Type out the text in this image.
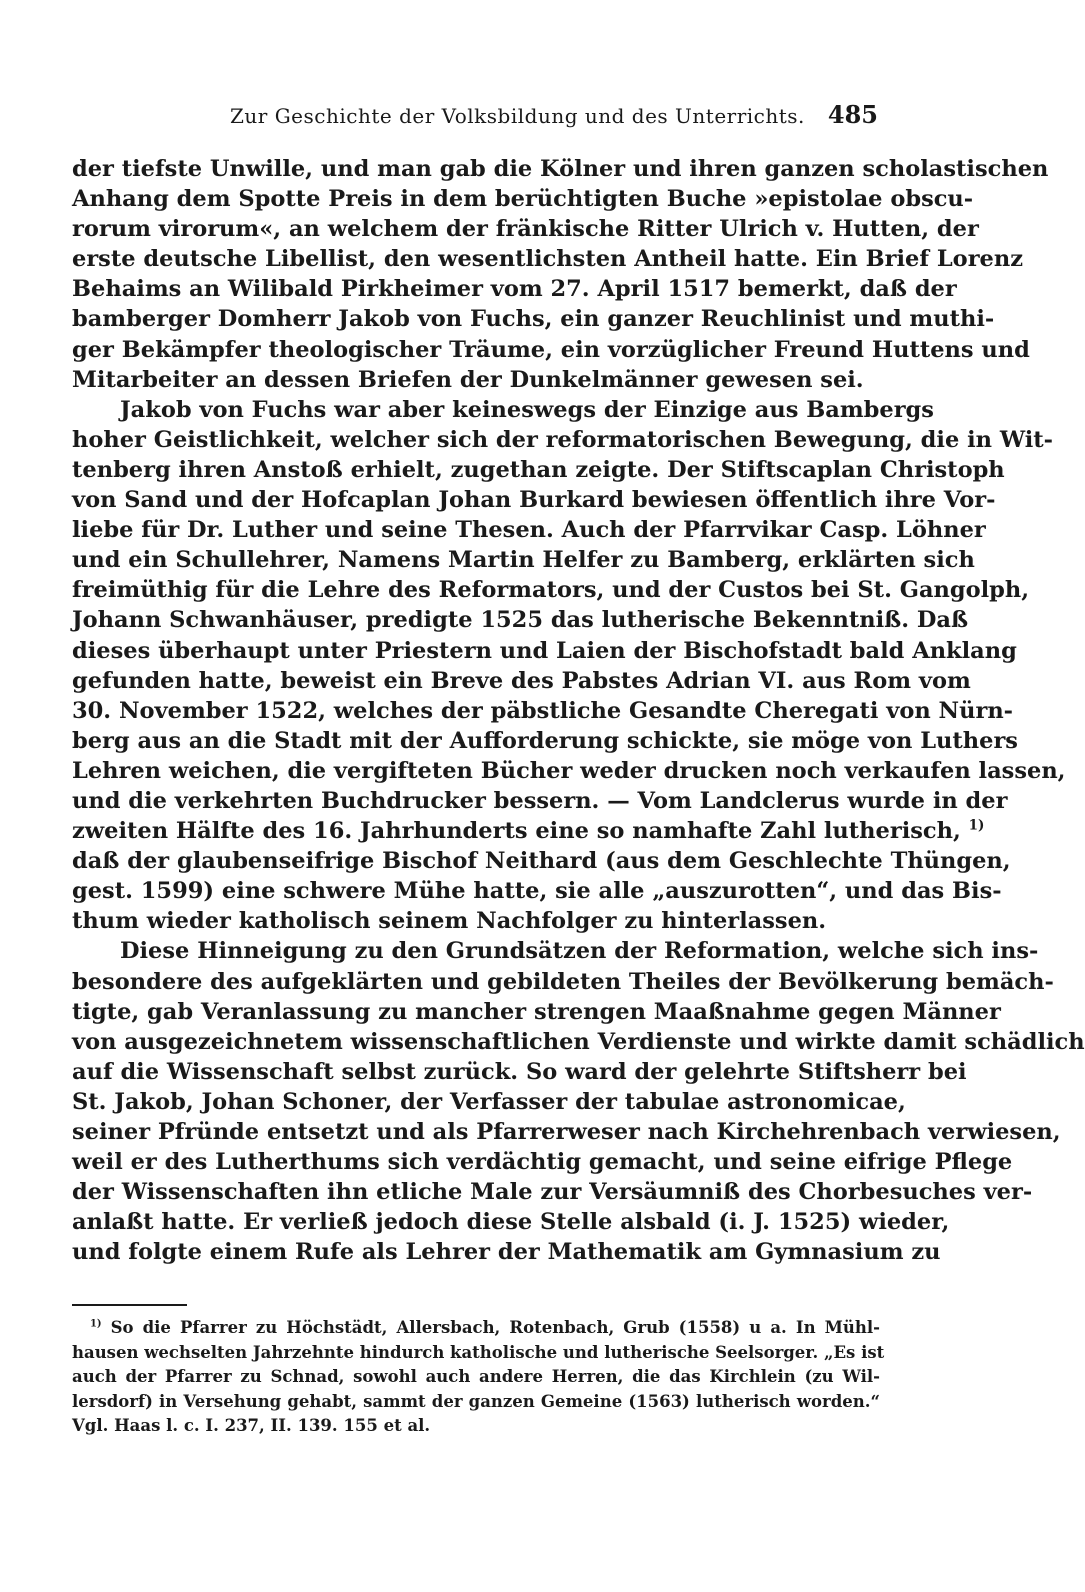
Zur Geschichte der Volksbildung und des Unterrichts. 485
der tiefste Unwille, und man gab die Kölner und ihren ganzen scholastischen
Anhang dem Spotte Preis in dem berüchtigten Buche »epistolae obscu-
rorum virorum«, an welchem der fränkische Ritter Ulrich v. Hutten, der
erste deutsche Libellist, den wesentlichsten Antheil hatte. Ein Brief Lorenz
Behaims an Wilibald Pirkheimer vom 27. April 1517 bemerkt, daß der
bamberger Domherr Jakob von Fuchs, ein ganzer Reuchlinist und muthi-
ger Bekämpfer theologischer Träume, ein vorzüglicher Freund Huttens und
Mitarbeiter an dessen Briefen der Dunkelmänner gewesen sei.
Jakob von Fuchs war aber keineswegs der Einzige aus Bambergs
hoher Geistlichkeit, welcher sich der reformatorischen Bewegung, die in Wit-
tenberg ihren Anstoß erhielt, zugethan zeigte. Der Stiftscaplan Christoph
von Sand und der Hofcaplan Johan Burkard bewiesen öffentlich ihre Vor-
liebe für Dr. Luther und seine Thesen. Auch der Pfarrvikar Casp. Löhner
und ein Schullehrer, Namens Martin Helfer zu Bamberg, erklärten sich
freimüthig für die Lehre des Reformators, und der Custos bei St. Gangolph,
Johann Schwanhäuser, predigte 1525 das lutherische Bekenntniß. Daß
dieses überhaupt unter Priestern und Laien der Bischofstadt bald Anklang
gefunden hatte, beweist ein Breve des Pabstes Adrian VI. aus Rom vom
30. November 1522, welches der päbstliche Gesandte Cheregati von Nürn-
berg aus an die Stadt mit der Aufforderung schickte, sie möge von Luthers
Lehren weichen, die vergifteten Bücher weder drucken noch verkaufen lassen,
und die verkehrten Buchdrucker bessern. — Vom Landclerus wurde in der
zweiten Hälfte des 16. Jahrhunderts eine so namhafte Zahl lutherisch, $^{1)}$
daß der glaubenseifrige Bischof Neithard (aus dem Geschlechte Thüngen,
gest. 1599) eine schwere Mühe hatte, sie alle „auszurotten“, und das Bis-
thum wieder katholisch seinem Nachfolger zu hinterlassen.
Diese Hinneigung zu den Grundsätzen der Reformation, welche sich ins-
besondere des aufgeklärten und gebildeten Theiles der Bevölkerung bemäch-
tigte, gab Veranlassung zu mancher strengen Maaßnahme gegen Männer
von ausgezeichnetem wissenschaftlichen Verdienste und wirkte damit schädlich
auf die Wissenschaft selbst zurück. So ward der gelehrte Stiftsherr bei
St. Jakob, Johan Schoner, der Verfasser der tabulae astronomicae,
seiner Pfründe entsetzt und als Pfarrerweser nach Kirchehrenbach verwiesen,
weil er des Lutherthums sich verdächtig gemacht, und seine eifrige Pflege
der Wissenschaften ihn etliche Male zur Versäumniß des Chorbesuches ver-
anlaßt hatte. Er verließ jedoch diese Stelle alsbald (i. J. 1525) wieder,
und folgte einem Rufe als Lehrer der Mathematik am Gymnasium zu
$^{1)}$ So die Pfarrer zu Höchstädt, Allersbach, Rotenbach, Grub (1558) u a. In Mühl-
hausen wechselten Jahrzehnte hindurch katholische und lutherische Seelsorger. „Es ist
auch der Pfarrer zu Schnad, sowohl auch andere Herren, die das Kirchlein (zu Wil-
lersdorf) in Versehung gehabt, sammt der ganzen Gemeine (1563) lutherisch worden.“
Vgl. Haas l. c. I. 237, II. 139. 155 et al.
